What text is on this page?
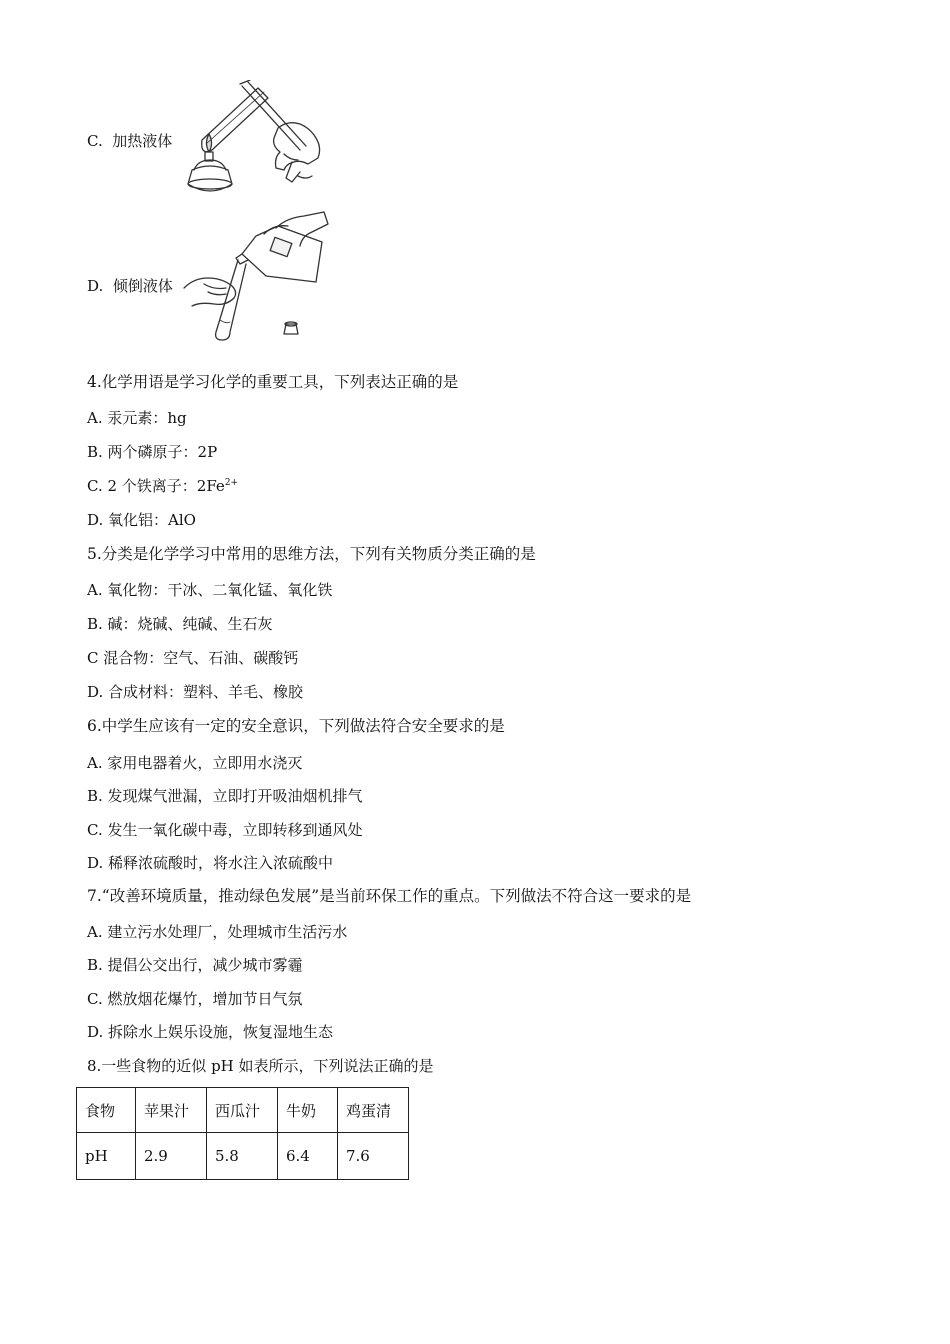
C. 加热液体
D. 倾倒液体
4.化学用语是学习化学的重要工具，下列表达正确的是
A. 汞元素：hg
B. 两个磷原子：2P
C. 2 个铁离子：$2Fe^{2+}$
D. 氧化铝：AlO
5.分类是化学学习中常用的思维方法，下列有关物质分类正确的是
A. 氧化物：干冰、二氧化锰、氧化铁
B. 碱：烧碱、纯碱、生石灰
C 混合物：空气、石油、碳酸钙
D. 合成材料：塑料、羊毛、橡胶
6.中学生应该有一定的安全意识，下列做法符合安全要求的是
A. 家用电器着火，立即用水浇灭
B. 发现煤气泄漏，立即打开吸油烟机排气
C. 发生一氧化碳中毒，立即转移到通风处
D. 稀释浓硫酸时，将水注入浓硫酸中
7.“改善环境质量，推动绿色发展”是当前环保工作的重点。下列做法不符合这一要求的是
A. 建立污水处理厂，处理城市生活污水
B. 提倡公交出行，减少城市雾霾
C. 燃放烟花爆竹，增加节日气氛
D. 拆除水上娱乐设施，恢复湿地生态
8.一些食物的近似 pH 如表所示，下列说法正确的是
食物	苹果汁	西瓜汁	牛奶	鸡蛋清
pH	2.9	5.8	6.4	7.6
